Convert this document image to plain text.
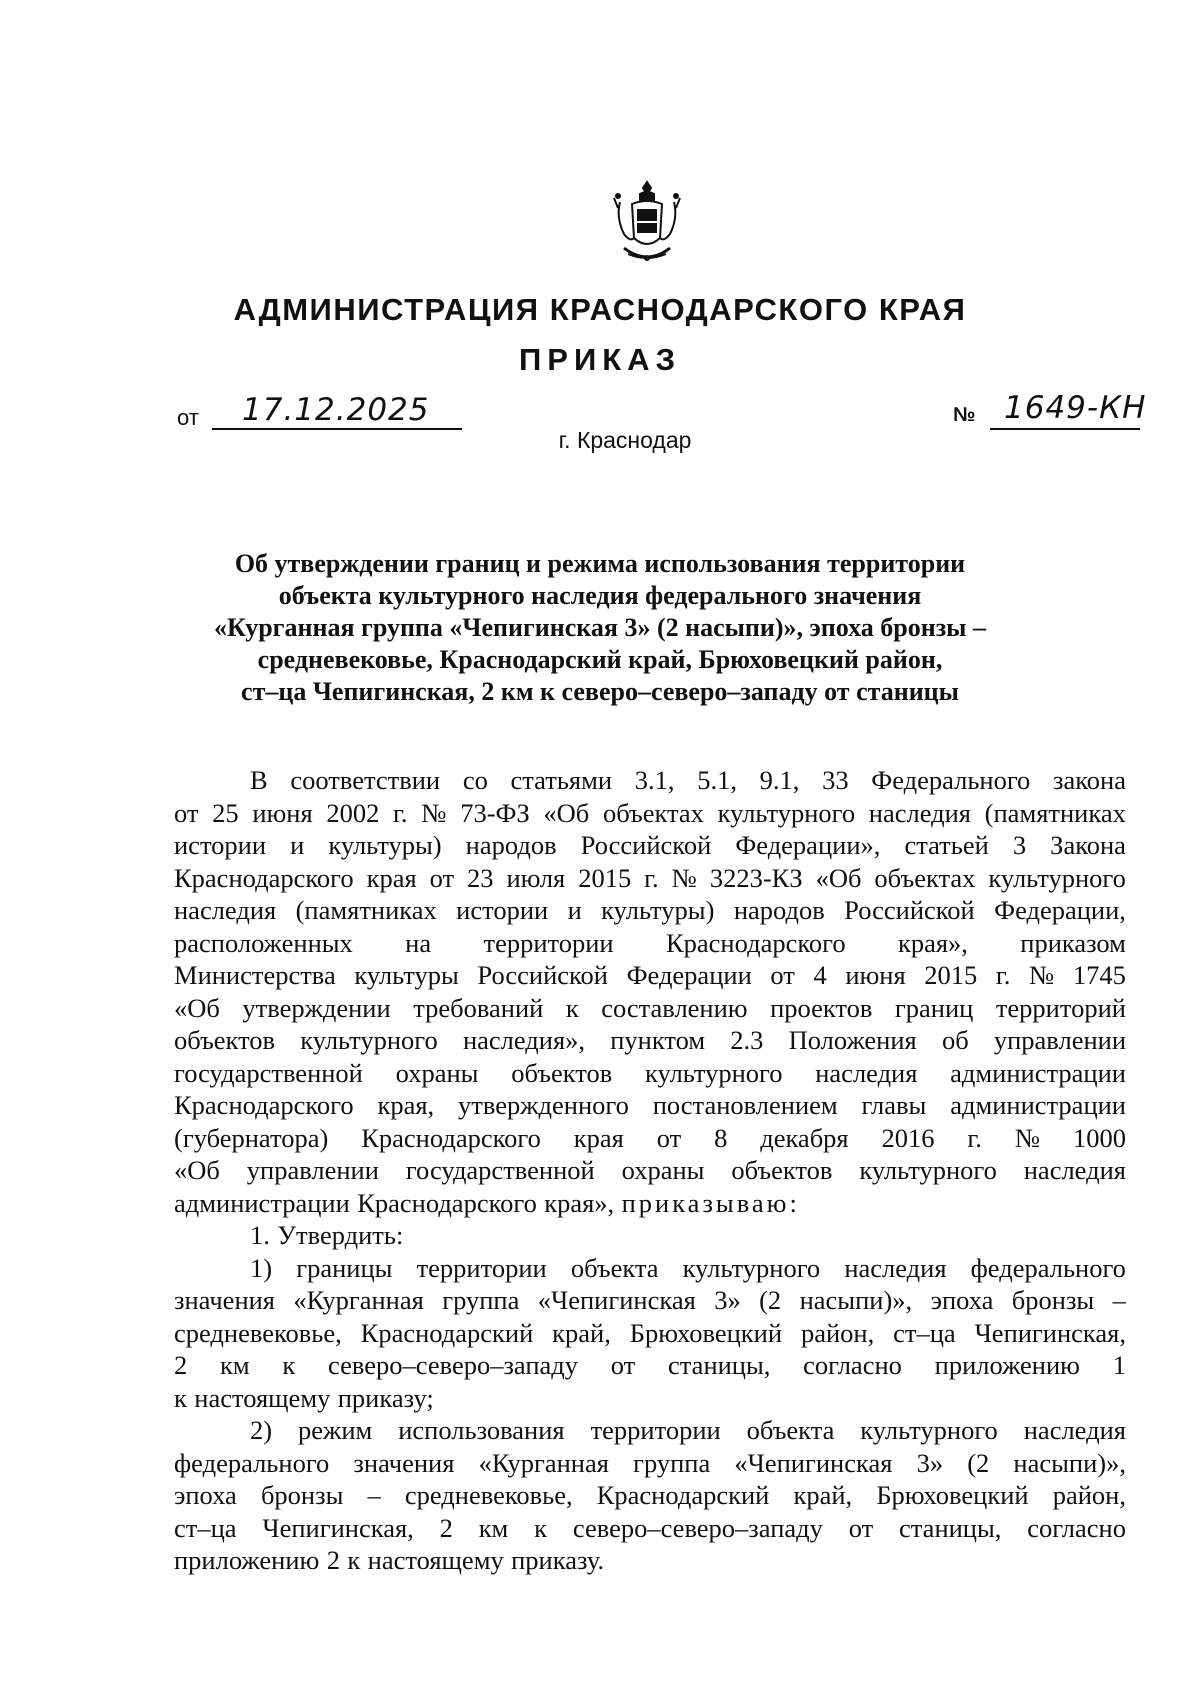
АДМИНИСТРАЦИЯ КРАСНОДАРСКОГО КРАЯ
ПРИКАЗ
от 17.12.2025
г. Краснодар
№ 1649-КН
Об утверждении границ и режима использования территории
объекта культурного наследия федерального значения
«Курганная группа «Чепигинская 3» (2 насыпи)», эпоха бронзы –
средневековье, Краснодарский край, Брюховецкий район,
ст–ца Чепигинская, 2 км к северо–северо–западу от станицы
В соответствии со статьями 3.1, 5.1, 9.1, 33 Федерального закона
от 25 июня 2002 г. № 73-ФЗ «Об объектах культурного наследия (памятниках
истории и культуры) народов Российской Федерации», статьей 3 Закона
Краснодарского края от 23 июля 2015 г. № 3223-КЗ «Об объектах культурного
наследия (памятниках истории и культуры) народов Российской Федерации,
расположенных на территории Краснодарского края», приказом
Министерства культуры Российской Федерации от 4 июня 2015 г. № 1745
«Об утверждении требований к составлению проектов границ территорий
объектов культурного наследия», пунктом 2.3 Положения об управлении
государственной охраны объектов культурного наследия администрации
Краснодарского края, утвержденного постановлением главы администрации
(губернатора) Краснодарского края от 8 декабря 2016 г. № 1000
«Об управлении государственной охраны объектов культурного наследия
администрации Краснодарского края», приказываю:
1. Утвердить:
1) границы территории объекта культурного наследия федерального
значения «Курганная группа «Чепигинская 3» (2 насыпи)», эпоха бронзы –
средневековье, Краснодарский край, Брюховецкий район, ст–ца Чепигинская,
2 км к северо–северо–западу от станицы, согласно приложению 1
к настоящему приказу;
2) режим использования территории объекта культурного наследия
федерального значения «Курганная группа «Чепигинская 3» (2 насыпи)»,
эпоха бронзы – средневековье, Краснодарский край, Брюховецкий район,
ст–ца Чепигинская, 2 км к северо–северо–западу от станицы, согласно
приложению 2 к настоящему приказу.
